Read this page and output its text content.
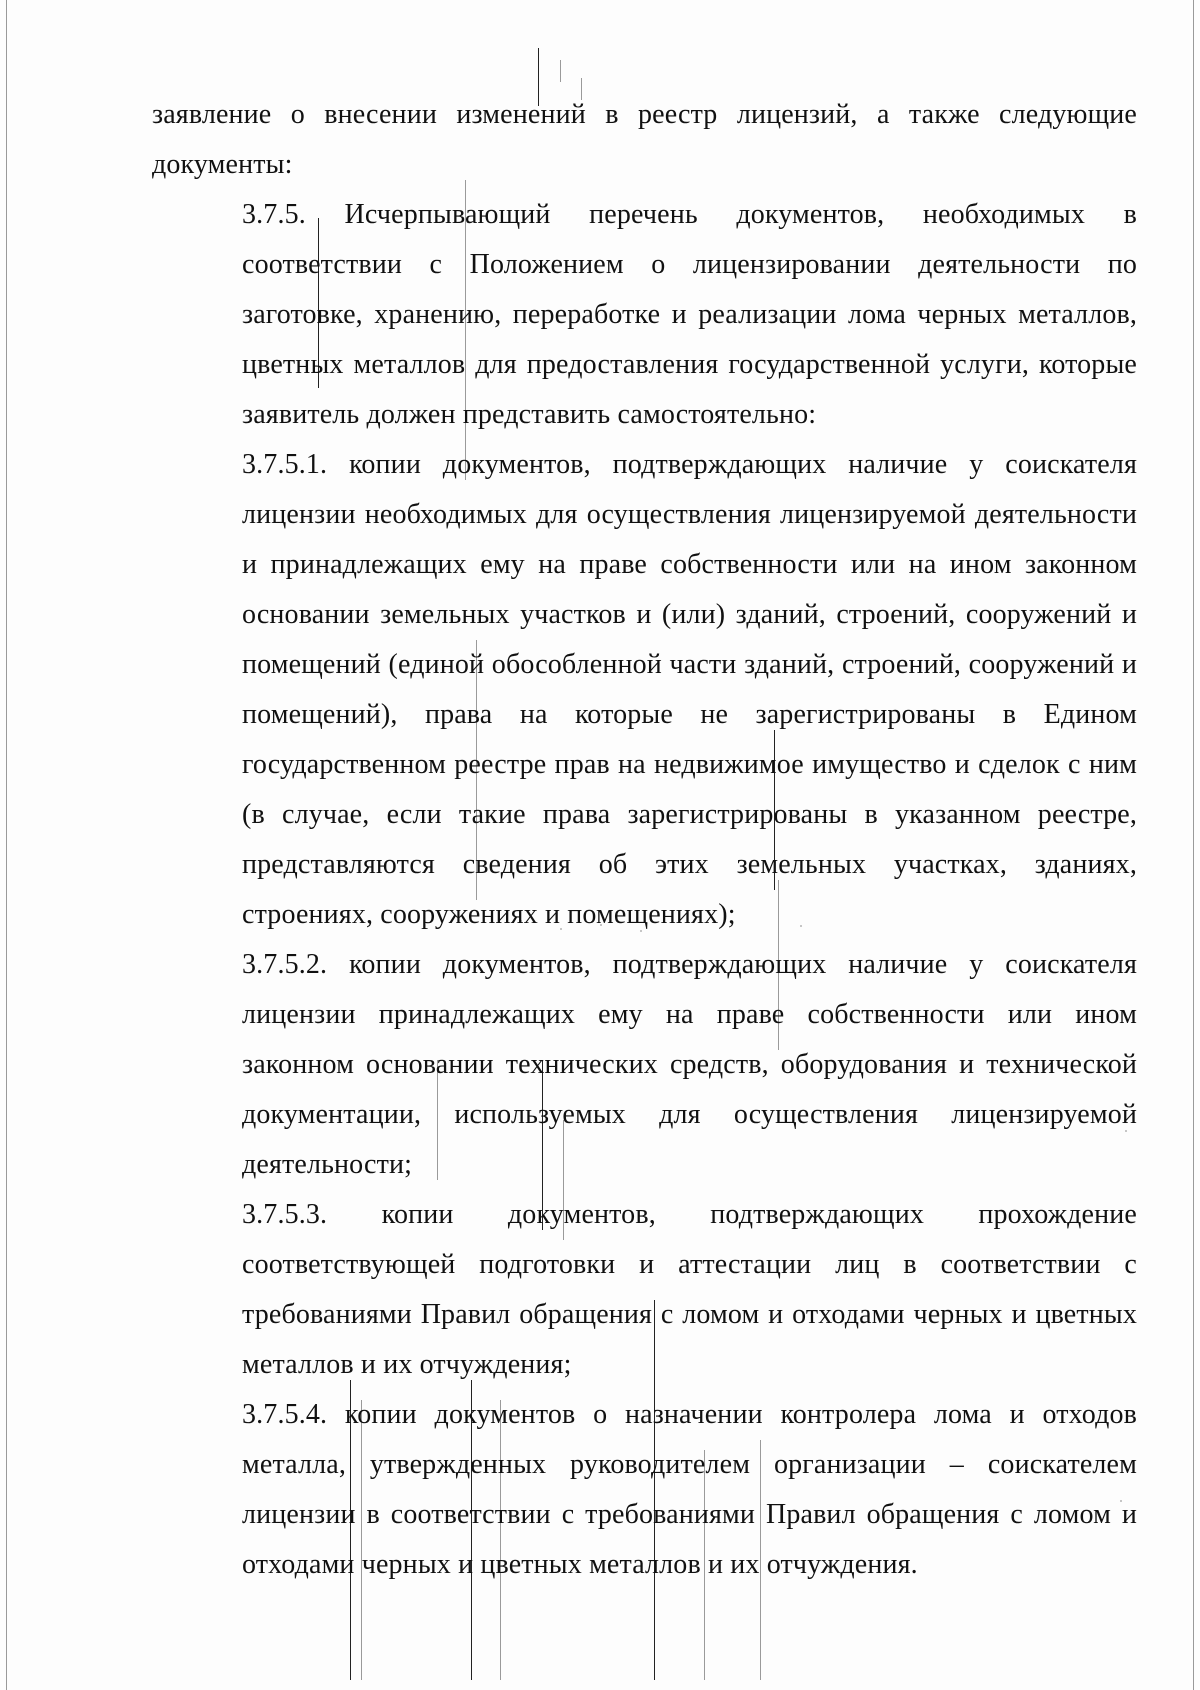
заявление о внесении изменений в реестр лицензий, а также следующие документы:

3.7.5. Исчерпывающий перечень документов, необходимых в соответствии с Положением о лицензировании деятельности по заготовке, хранению, переработке и реализации лома черных металлов, цветных металлов для предоставления государственной услуги, которые заявитель должен представить самостоятельно:

3.7.5.1. копии документов, подтверждающих наличие у соискателя лицензии необходимых для осуществления лицензируемой деятельности и принадлежащих ему на праве собственности или на ином законном основании земельных участков и (или) зданий, строений, сооружений и помещений (единой обособленной части зданий, строений, сооружений и помещений), права на которые не зарегистрированы в Едином государственном реестре прав на недвижимое имущество и сделок с ним (в случае, если такие права зарегистрированы в указанном реестре, представляются сведения об этих земельных участках, зданиях, строениях, сооружениях и помещениях);

3.7.5.2. копии документов, подтверждающих наличие у соискателя лицензии принадлежащих ему на праве собственности или ином законном основании технических средств, оборудования и технической документации, используемых для осуществления лицензируемой деятельности;

3.7.5.3. копии документов, подтверждающих прохождение соответствующей подготовки и аттестации лиц в соответствии с требованиями Правил обращения с ломом и отходами черных и цветных металлов и их отчуждения;

3.7.5.4. копии документов о назначении контролера лома и отходов металла, утвержденных руководителем организации – соискателем лицензии в соответствии с требованиями Правил обращения с ломом и отходами черных и цветных металлов и их отчуждения.
